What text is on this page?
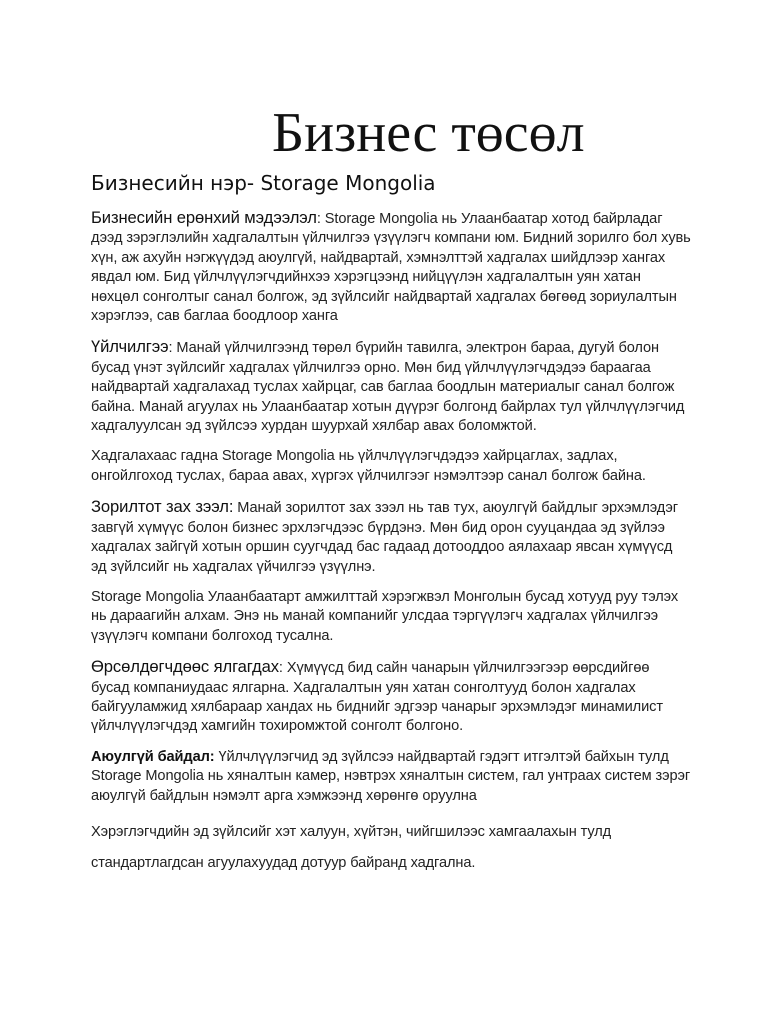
Бизнес төсөл
Бизнесийн нэр- Storage Mongolia

Бизнесийн ерөнхий мэдээлэл: Storage Mongolia нь Улаанбаатар хотод байрладаг дээд зэрэглэлийн хадгалалтын үйлчилгээ үзүүлэгч компани юм. Бидний зорилго бол хувь хүн, аж ахуйн нэгжүүдэд аюулгүй, найдвартай, хэмнэлттэй хадгалах шийдлээр хангах явдал юм. Бид үйлчлүүлэгчдийнхээ хэрэгцээнд нийцүүлэн хадгалалтын уян хатан нөхцөл сонголтыг санал болгож, эд зүйлсийг найдвартай хадгалах бөгөөд зориулалтын хэрэглээ, сав баглаа боодлоор ханга

Үйлчилгээ: Манай үйлчилгээнд төрөл бүрийн тавилга, электрон бараа, дугуй болон бусад үнэт зүйлсийг хадгалах үйлчилгээ орно. Мөн бид үйлчлүүлэгчдэдээ бараагаа найдвартай хадгалахад туслах хайрцаг, сав баглаа боодлын материалыг санал болгож байна. Манай агуулах нь Улаанбаатар хотын дүүрэг болгонд байрлах тул үйлчлүүлэгчид хадгалуулсан эд зүйлсээ хурдан шуурхай хялбар авах боломжтой.

Хадгалахаас гадна Storage Mongolia нь үйлчлүүлэгчдэдээ хайрцаглах, задлах, онгойлгоход туслах, бараа авах, хүргэх үйлчилгээг нэмэлтээр санал болгож байна.

Зорилтот зах зээл: Манай зорилтот зах зээл нь тав тух, аюулгүй байдлыг эрхэмлэдэг завгүй хүмүүс болон бизнес эрхлэгчдээс бүрдэнэ. Мөн бид орон сууцандаа эд зүйлээ хадгалах зайгүй хотын оршин суугчдад бас гадаад дотооддоо аялахаар явсан хүмүүсд эд зүйлсийг нь хадгалах үйчилгээ үзүүлнэ.

Storage Mongolia Улаанбаатарт амжилттай хэрэгжвэл Монголын бусад хотууд руу тэлэх нь дараагийн алхам. Энэ нь манай компанийг улсдаа тэргүүлэгч хадгалах үйлчилгээ үзүүлэгч компани болгоход тусална.

Өрсөлдөгчдөөс ялгагдах: Хүмүүсд бид сайн чанарын үйлчилгээгээр өөрсдийгөө бусад компаниудаас ялгарна. Хадгалалтын уян хатан сонголтууд болон хадгалах байгууламжид хялбараар хандах нь биднийг эдгээр чанарыг эрхэмлэдэг минамилист үйлчлүүлэгчдэд хамгийн тохиромжтой сонголт болгоно.

Аюулгүй байдал: Үйлчлүүлэгчид эд зүйлсээ найдвартай гэдэгт итгэлтэй байхын тулд Storage Mongolia нь хяналтын камер, нэвтрэх хяналтын систем, гал унтраах систем зэрэг аюулгүй байдлын нэмэлт арга хэмжээнд хөрөнгө оруулна

Хэрэглэгчдийн эд зүйлсийг хэт халуун, хүйтэн, чийгшилээс хамгаалахын тулд стандартлагдсан агуулахуудад дотуур байранд хадгална.
